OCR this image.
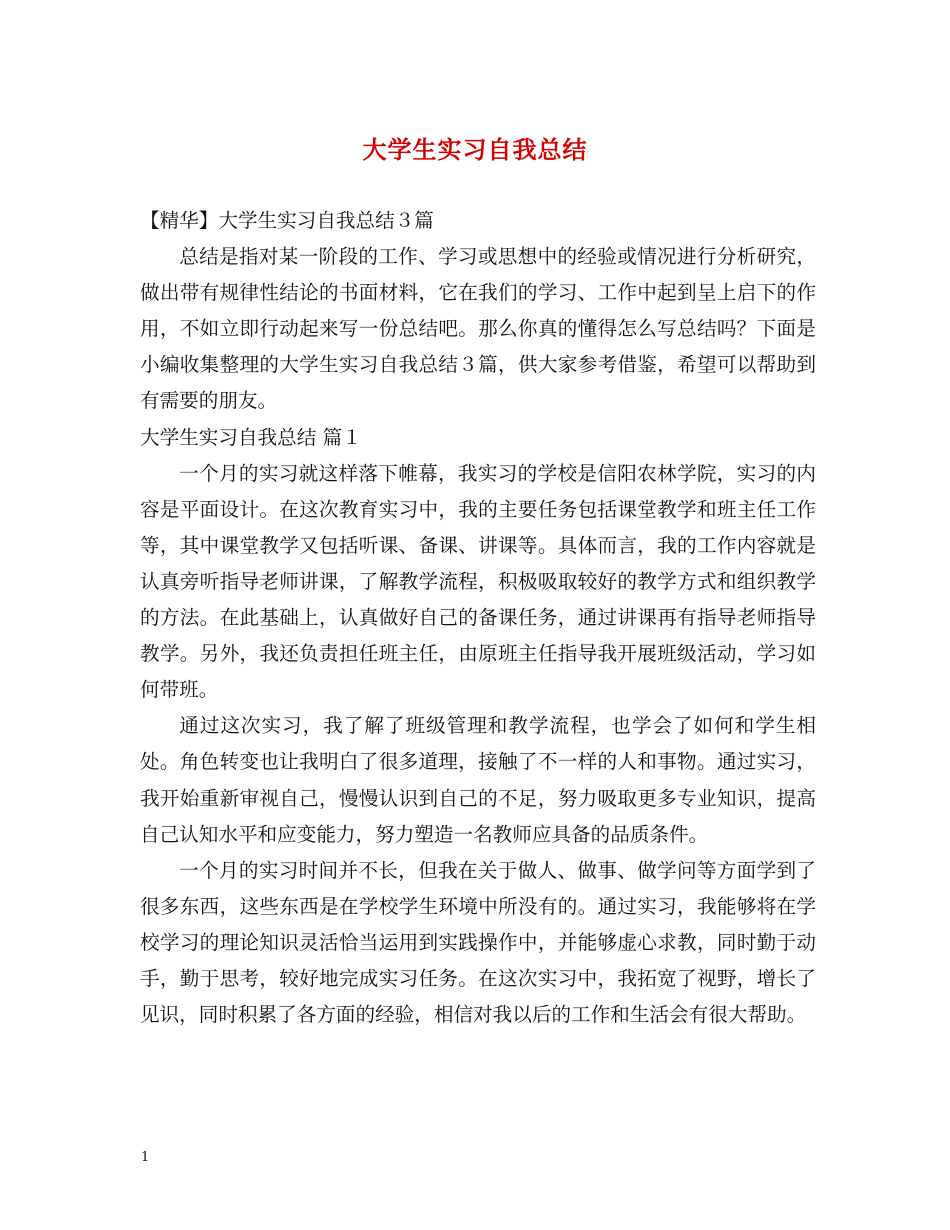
大学生实习自我总结

【精华】大学生实习自我总结３篇

总结是指对某一阶段的工作、学习或思想中的经验或情况进行分析研究，做出带有规律性结论的书面材料，它在我们的学习、工作中起到呈上启下的作用，不如立即行动起来写一份总结吧。那么你真的懂得怎么写总结吗？下面是小编收集整理的大学生实习自我总结３篇，供大家参考借鉴，希望可以帮助到有需要的朋友。

大学生实习自我总结 篇１

一个月的实习就这样落下帷幕，我实习的学校是信阳农林学院，实习的内容是平面设计。在这次教育实习中，我的主要任务包括课堂教学和班主任工作等，其中课堂教学又包括听课、备课、讲课等。具体而言，我的工作内容就是认真旁听指导老师讲课，了解教学流程，积极吸取较好的教学方式和组织教学的方法。在此基础上，认真做好自己的备课任务，通过讲课再有指导老师指导教学。另外，我还负责担任班主任，由原班主任指导我开展班级活动，学习如何带班。

通过这次实习，我了解了班级管理和教学流程，也学会了如何和学生相处。角色转变也让我明白了很多道理，接触了不一样的人和事物。通过实习，我开始重新审视自己，慢慢认识到自己的不足，努力吸取更多专业知识，提高自己认知水平和应变能力，努力塑造一名教师应具备的品质条件。

一个月的实习时间并不长，但我在关于做人、做事、做学问等方面学到了很多东西，这些东西是在学校学生环境中所没有的。通过实习，我能够将在学校学习的理论知识灵活恰当运用到实践操作中，并能够虚心求教，同时勤于动手，勤于思考，较好地完成实习任务。在这次实习中，我拓宽了视野，增长了见识，同时积累了各方面的经验，相信对我以后的工作和生活会有很大帮助。

1
